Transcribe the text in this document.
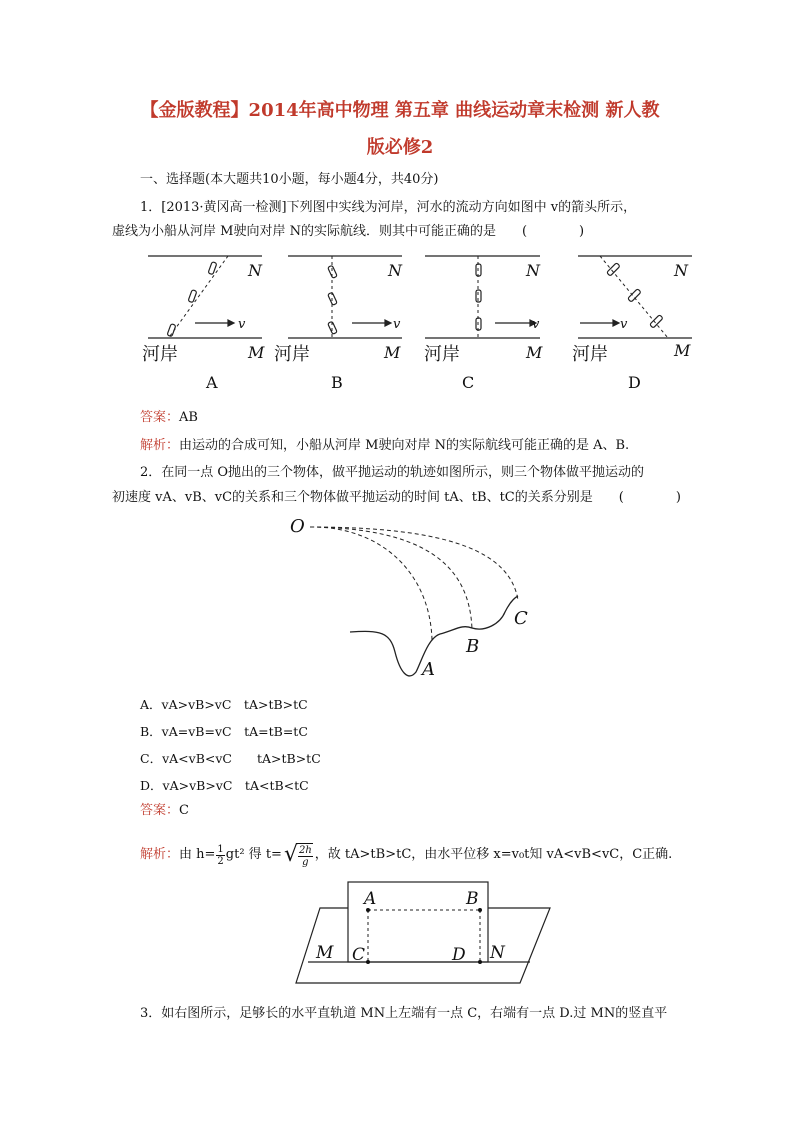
【金版教程】2014年高中物理 第五章 曲线运动章末检测 新人教
版必修2
一、选择题(本大题共10小题，每小题4分，共40分)
1．[2013·黄冈高一检测]下列图中实线为河岸，河水的流动方向如图中 v的箭头所示，
虚线为小船从河岸 M驶向对岸 N的实际航线．则其中可能正确的是　　(　　　　)
N
v
河岸	M
A
N
v
河岸	M
B
N
v
河岸	M
C
N
v
河岸	M
D
答案：AB
解析：由运动的合成可知，小船从河岸 M驶向对岸 N的实际航线可能正确的是 A、B.
2．在同一点 O抛出的三个物体，做平抛运动的轨迹如图所示，则三个物体做平抛运动的
初速度 vA、vB、vC的关系和三个物体做平抛运动的时间 tA、tB、tC的关系分别是　　(　　　　)
O
A
B
C
A．vA>vB>vC　tA>tB>tC
B．vA=vB=vC　tA=tB=tC
C．vA<vB<vC　　tA>tB>tC
D．vA>vB>vC　tA<tB<tC
答案：C
解析： 由 $h= \frac{1}{2} gt^2$ 得 t= √ $\frac{2h}{g}$ ，故 tA>tB>tC，由水平位移 x=v₀t知 vA<vB<vC，C正确.
A	B
C	D
M	N
3．如右图所示，足够长的水平直轨道 MN上左端有一点 C，右端有一点 D.过 MN的竖直平
